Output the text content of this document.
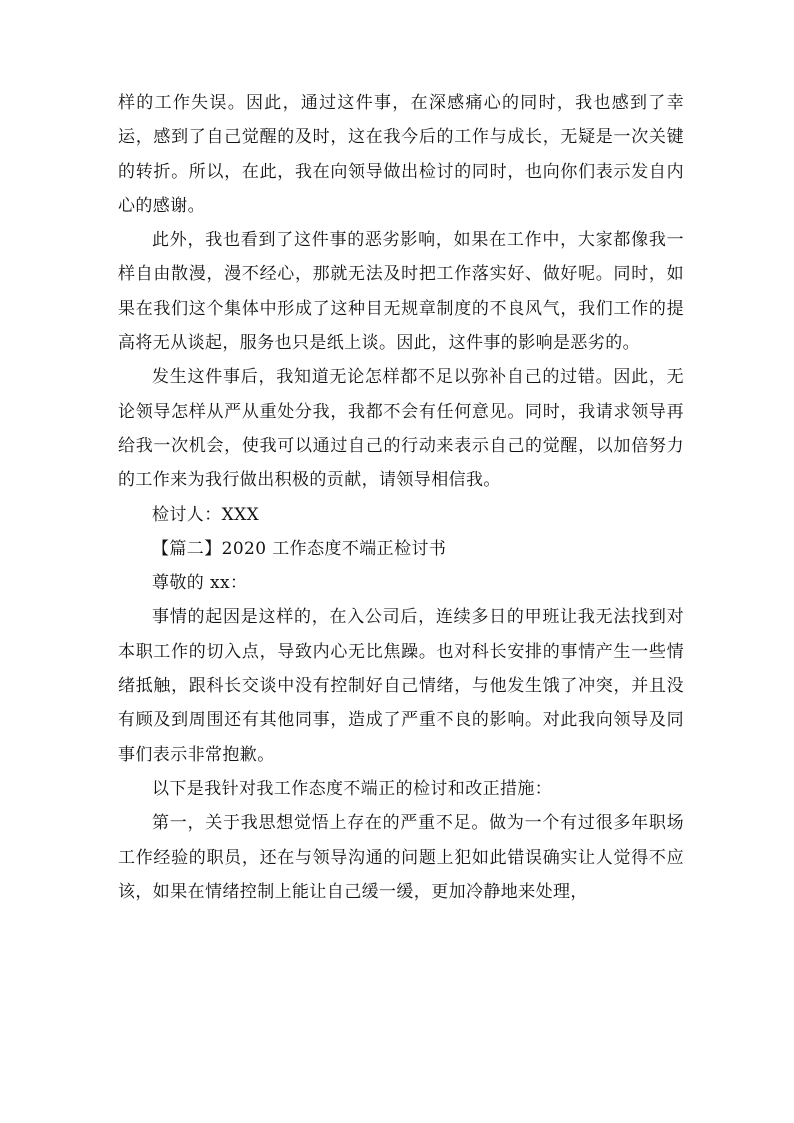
样的工作失误。因此，通过这件事，在深感痛心的同时，我也感到了幸运，感到了自己觉醒的及时，这在我今后的工作与成长，无疑是一次关键的转折。所以，在此，我在向领导做出检讨的同时，也向你们表示发自内心的感谢。

此外，我也看到了这件事的恶劣影响，如果在工作中，大家都像我一样自由散漫，漫不经心，那就无法及时把工作落实好、做好呢。同时，如果在我们这个集体中形成了这种目无规章制度的不良风气，我们工作的提高将无从谈起，服务也只是纸上谈。因此，这件事的影响是恶劣的。

发生这件事后，我知道无论怎样都不足以弥补自己的过错。因此，无论领导怎样从严从重处分我，我都不会有任何意见。同时，我请求领导再给我一次机会，使我可以通过自己的行动来表示自己的觉醒，以加倍努力的工作来为我行做出积极的贡献，请领导相信我。

检讨人：XXX

【篇二】2020 工作态度不端正检讨书

尊敬的 xx：

事情的起因是这样的，在入公司后，连续多日的甲班让我无法找到对本职工作的切入点，导致内心无比焦躁。也对科长安排的事情产生一些情绪抵触，跟科长交谈中没有控制好自己情绪，与他发生饿了冲突，并且没有顾及到周围还有其他同事，造成了严重不良的影响。对此我向领导及同事们表示非常抱歉。

以下是我针对我工作态度不端正的检讨和改正措施：

第一，关于我思想觉悟上存在的严重不足。做为一个有过很多年职场工作经验的职员，还在与领导沟通的问题上犯如此错误确实让人觉得不应该，如果在情绪控制上能让自己缓一缓，更加冷静地来处理，
